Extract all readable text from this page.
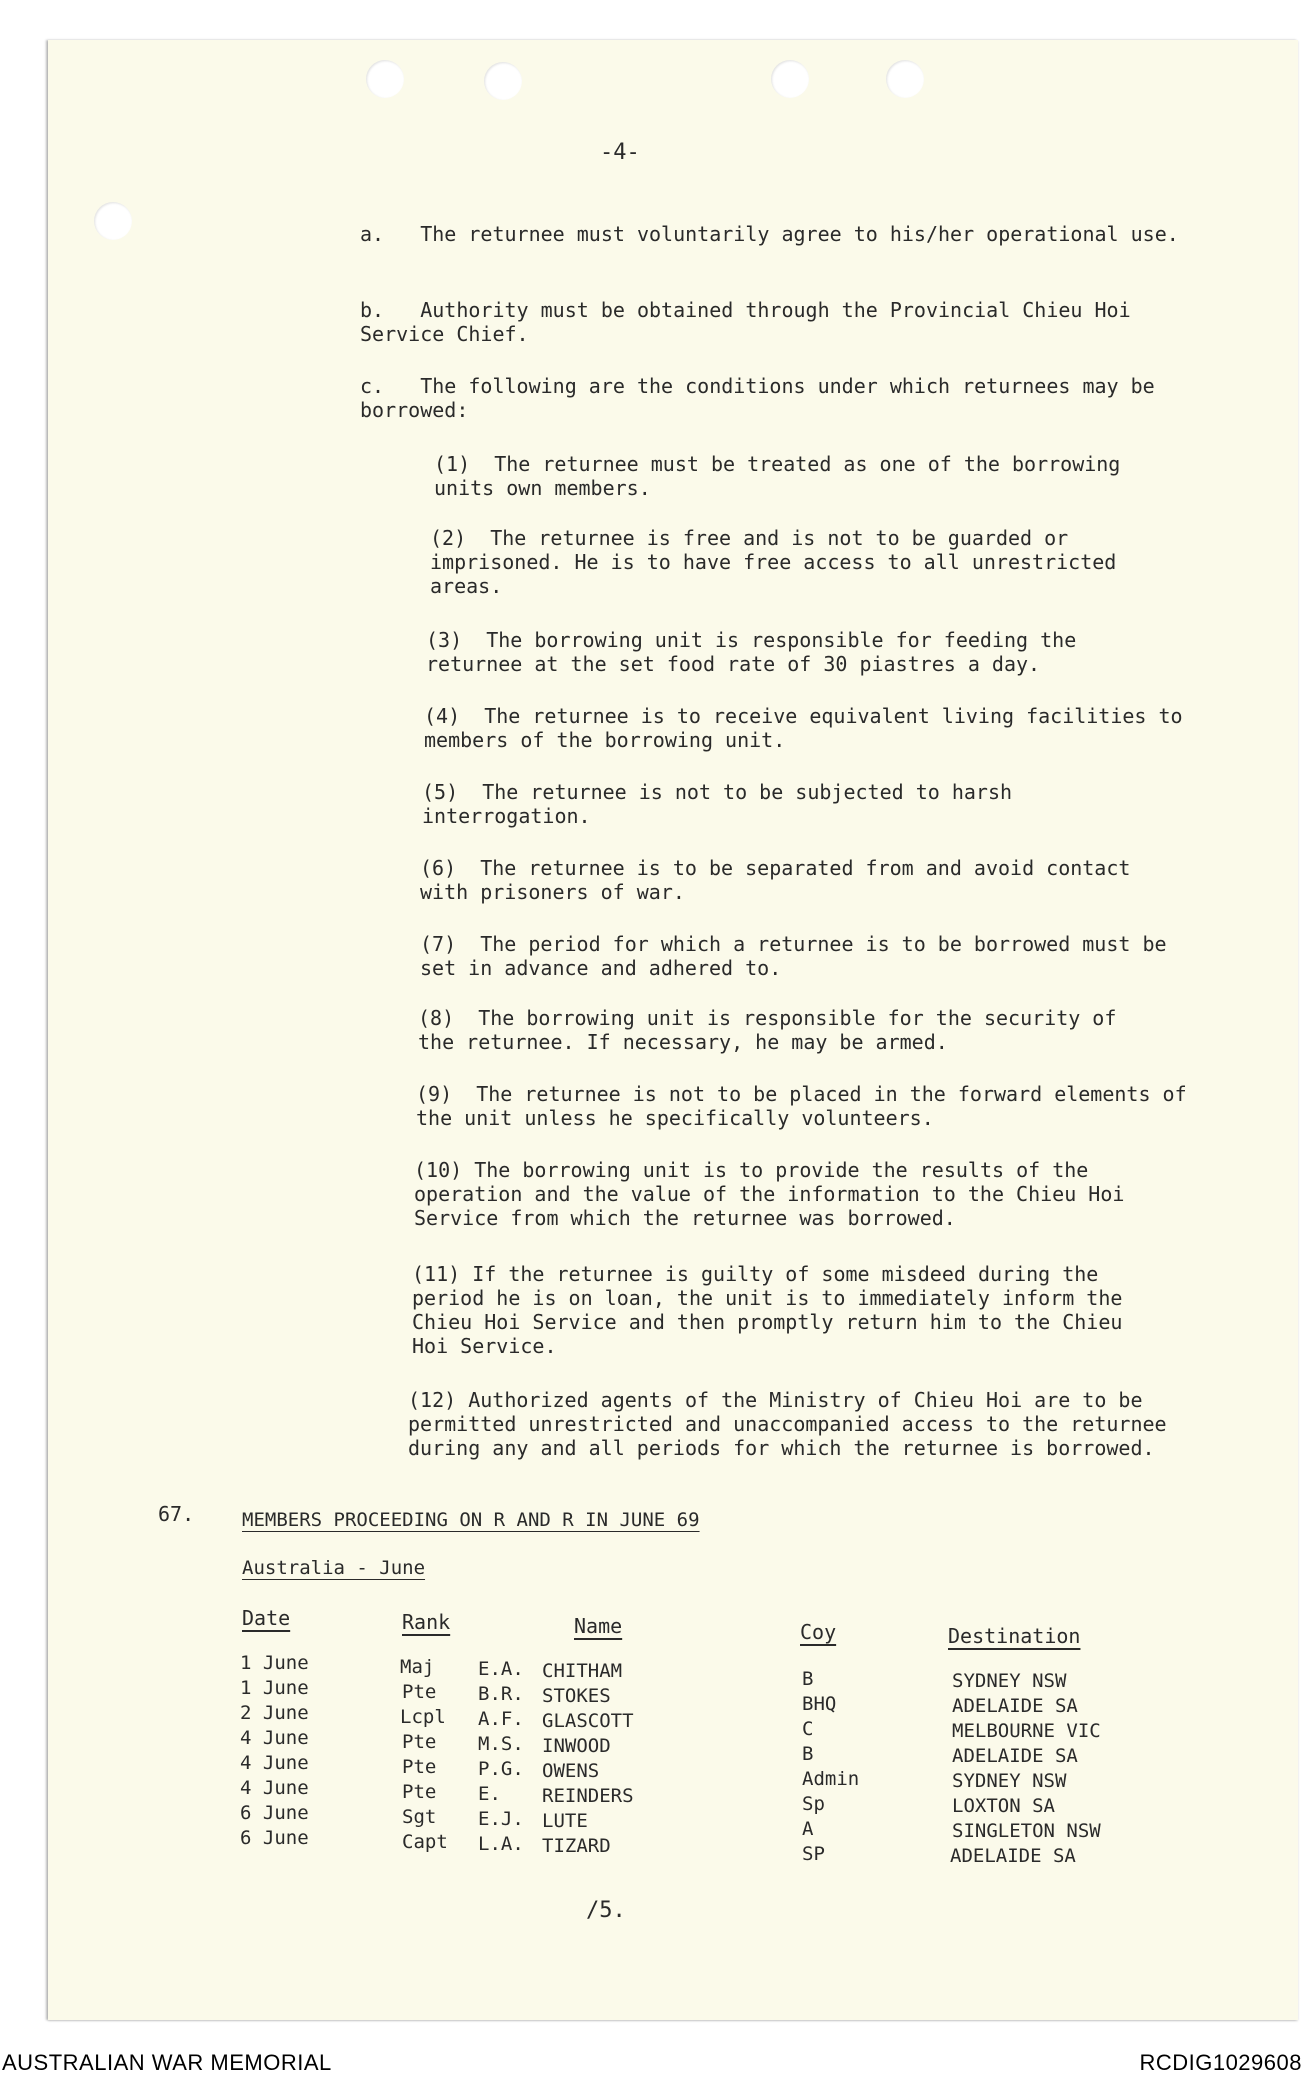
-4-
a. The returnee must voluntarily agree to his/her operational use.
b. Authority must be obtained through the Provincial Chieu Hoi Service Chief.
c. The following are the conditions under which returnees may be borrowed:
(1) The returnee must be treated as one of the borrowing units own members.
(2) The returnee is free and is not to be guarded or imprisoned. He is to have free access to all unrestricted areas.
(3) The borrowing unit is responsible for feeding the returnee at the set food rate of 30 piastres a day.
(4) The returnee is to receive equivalent living facilities to members of the borrowing unit.
(5) The returnee is not to be subjected to harsh interrogation.
(6) The returnee is to be separated from and avoid contact with prisoners of war.
(7) The period for which a returnee is to be borrowed must be set in advance and adhered to.
(8) The borrowing unit is responsible for the security of the returnee. If necessary, he may be armed.
(9) The returnee is not to be placed in the forward elements of the unit unless he specifically volunteers.
(10) The borrowing unit is to provide the results of the operation and the value of the information to the Chieu Hoi Service from which the returnee was borrowed.
(11) If the returnee is guilty of some misdeed during the period he is on loan, the unit is to immediately inform the Chieu Hoi Service and then promptly return him to the Chieu Hoi Service.
(12) Authorized agents of the Ministry of Chieu Hoi are to be permitted unrestricted and unaccompanied access to the returnee during any and all periods for which the returnee is borrowed.
67.	MEMBERS PROCEEDING ON R AND R IN JUNE 69
Australia - June
Date	Rank	Name	Coy	Destination
1 June	Maj E.A. CHITHAM	B	SYDNEY NSW
1 June	Pte B.R. STOKES	BHQ	ADELAIDE SA
2 June	Lcpl A.F. GLASCOTT	C	MELBOURNE VIC
4 June	Pte M.S. INWOOD	B	ADELAIDE SA
4 June	Pte P.G. OWENS	Admin	SYDNEY NSW
4 June	Pte E. REINDERS	Sp	LOXTON SA
6 June	Sgt E.J. LUTE	A	SINGLETON NSW
6 June	Capt L.A. TIZARD	SP	ADELAIDE SA
/5.
AUSTRALIAN WAR MEMORIAL	RCDIG1029608
